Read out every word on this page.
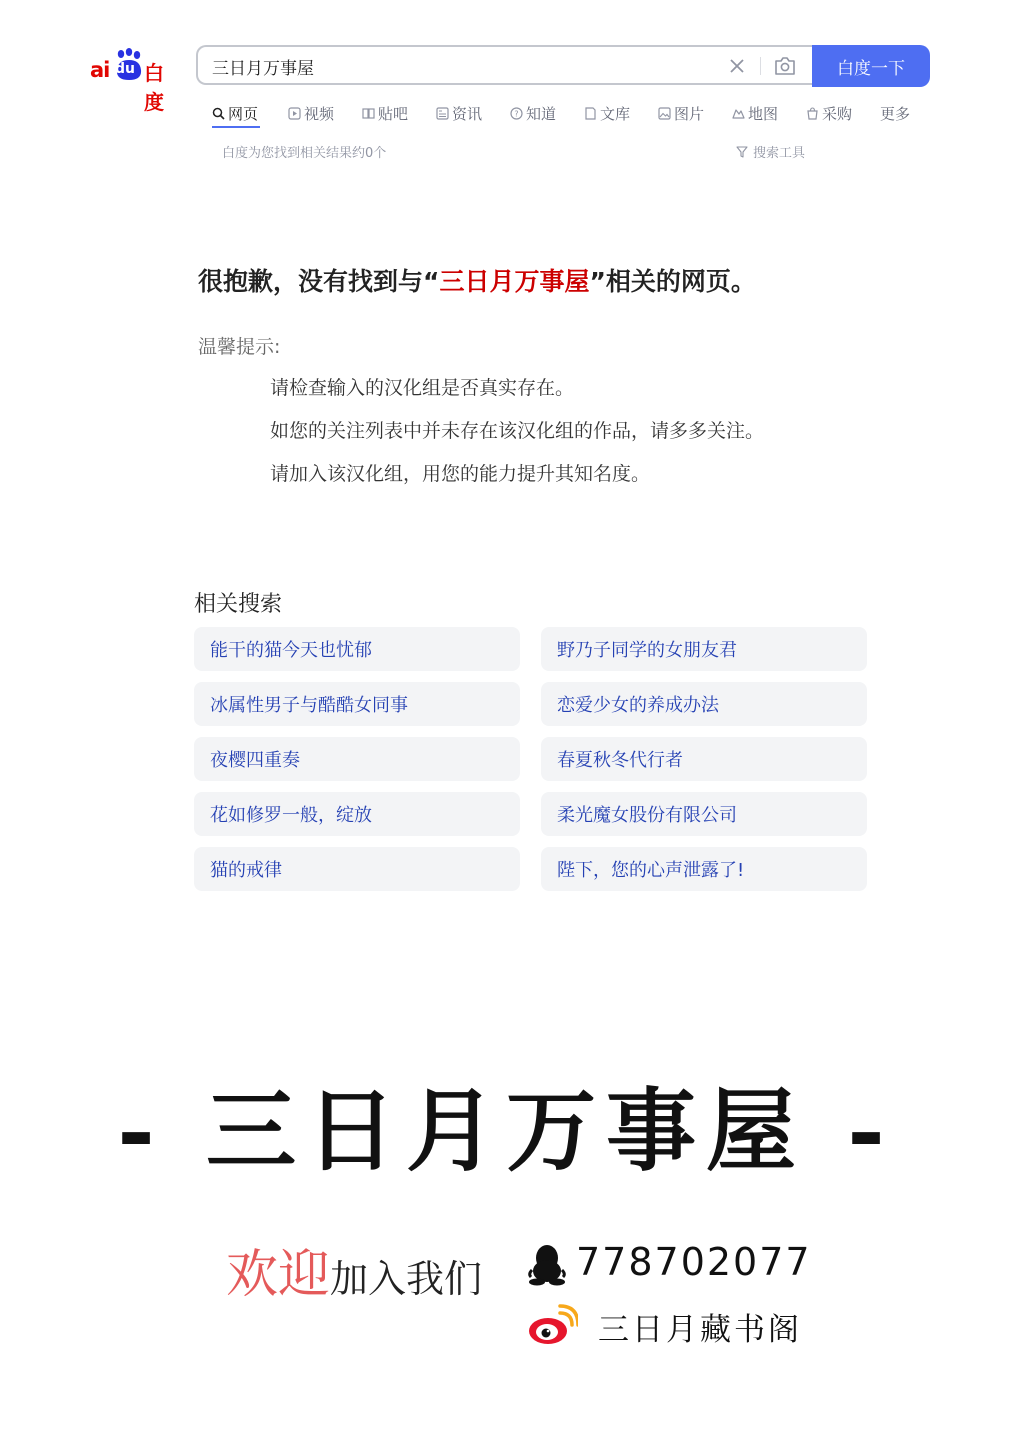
ai du 白度
三日月万事屋
白度一下
网页	视频	贴吧	资讯	? 知道	文库	图片	地图	采购 更多
白度为您找到相关结果约0个	搜索工具
很抱歉，没有找到与“三日月万事屋”相关的网页。
温馨提示:
请检查输入的汉化组是否真实存在。
如您的关注列表中并未存在该汉化组的作品，请多多关注。
请加入该汉化组，用您的能力提升其知名度。
相关搜索
能干的猫今天也忧郁	野乃子同学的女朋友君
冰属性男子与酷酷女同事	恋爱少女的养成办法
夜樱四重奏	春夏秋冬代行者
花如修罗一般，绽放	柔光魔女股份有限公司
猫的戒律	陛下，您的心声泄露了!
- 三日月万事屋 -
欢迎加入我们 778702077
三日月藏书阁
